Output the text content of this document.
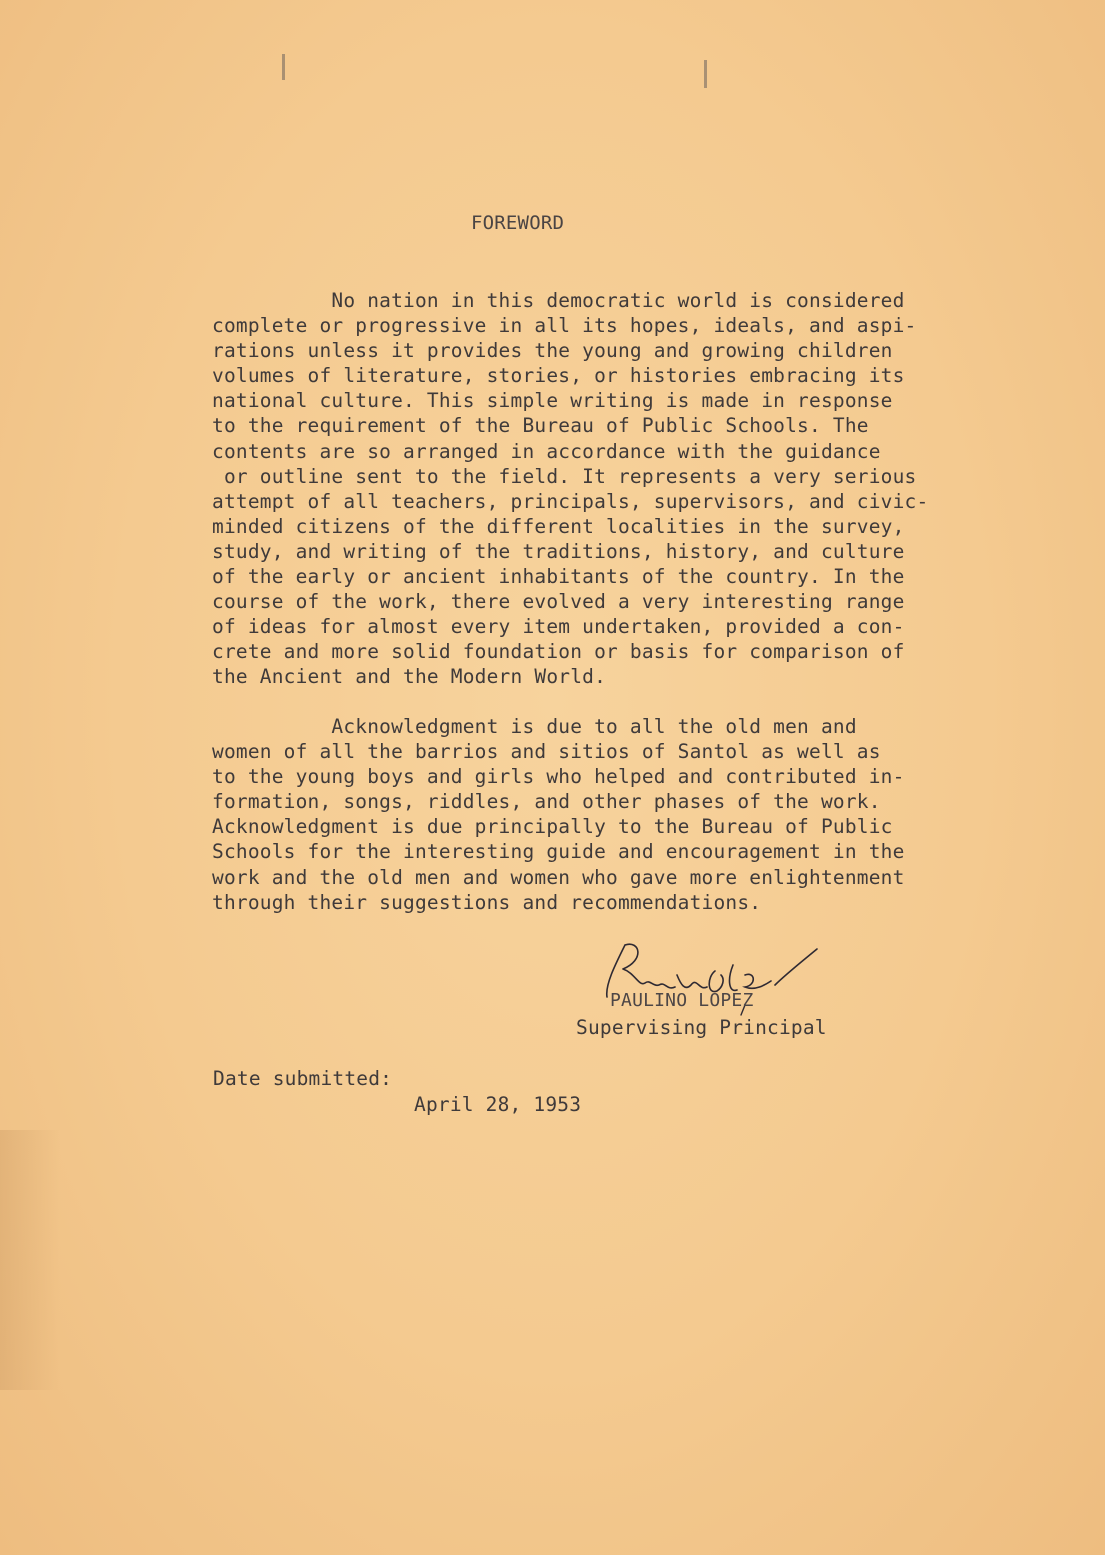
FOREWORD
No nation in this democratic world is considered
complete or progressive in all its hopes, ideals, and aspi-
rations unless it provides the young and growing children
volumes of literature, stories, or histories embracing its
national culture. This simple writing is made in response
to the requirement of the Bureau of Public Schools. The
contents are so arranged in accordance with the guidance
or outline sent to the field. It represents a very serious
attempt of all teachers, principals, supervisors, and civic-
minded citizens of the different localities in the survey,
study, and writing of the traditions, history, and culture
of the early or ancient inhabitants of the country. In the
course of the work, there evolved a very interesting range
of ideas for almost every item undertaken, provided a con-
crete and more solid foundation or basis for comparison of
the Ancient and the Modern World.
Acknowledgment is due to all the old men and
women of all the barrios and sitios of Santol as well as
to the young boys and girls who helped and contributed in-
formation, songs, riddles, and other phases of the work.
Acknowledgment is due principally to the Bureau of Public
Schools for the interesting guide and encouragement in the
work and the old men and women who gave more enlightenment
through their suggestions and recommendations.
PAULINO LOPEZ
Supervising Principal
Date submitted:
April 28, 1953
